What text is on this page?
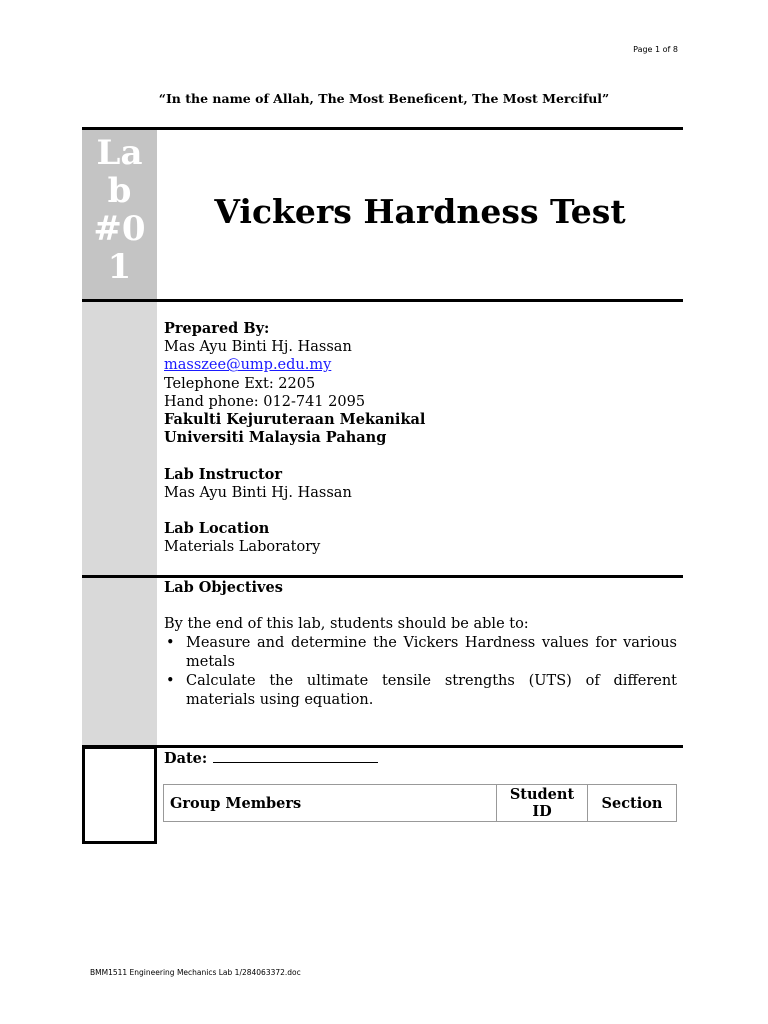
Page 1 of 8
“In the name of Allah, The Most Beneficent, The Most Merciful”
La
b
#0
1
Vickers Hardness Test
Prepared By:
Mas Ayu Binti Hj. Hassan
masszee@ump.edu.my
Telephone Ext: 2205
Hand phone: 012-741 2095
Fakulti Kejuruteraan Mekanikal
Universiti Malaysia Pahang
Lab Instructor
Mas Ayu Binti Hj. Hassan
Lab Location
Materials Laboratory
Lab Objectives
By the end of this lab, students should be able to:
• Measure and determine the Vickers Hardness values for various metals
• Calculate the ultimate tensile strengths (UTS) of different materials using equation.
Date:
Group Members	Student ID	Section
BMM1511 Engineering Mechanics Lab 1/284063372.doc
